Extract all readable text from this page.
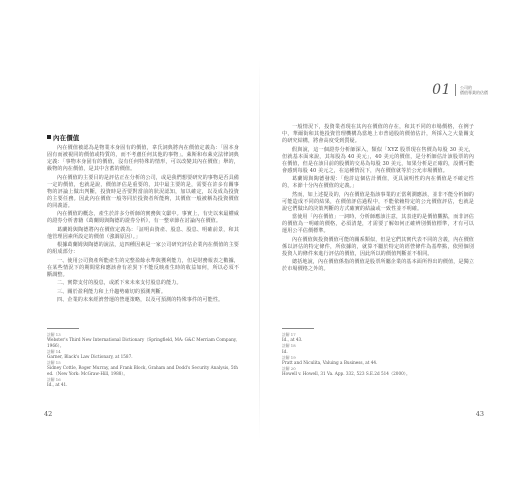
內在價值

內在價值被認為是物業本身固有的價值，韋氏詞典將內在價值定義為：「固本身固有而被視同的價值或特質的，而不考慮任何其他的事物」。萊斯和布萊克法律詞典定義：「事物本身固有的價值，沒有任何特殊的情形，可以改變其內在價值」舉的，級物的內在價值，是其中含蓄的價值。

內在價值的主要目的是評估正在分析的公司，或是我們想要研究的事物是否具備一定的價值，也就是說，價值評估是重要的，其中最主要的是，需要在許多有關事物的評論上做出判斷，投資時是否要對當前的狀況認知，加以確定，以及成為投資的主要任務。因此內在價值一般等同於投資者所能夠，其價值一般被稱為投資價值的同義語。

內在價值的概念，產生於許多分析師的實務與文獻中。事實上，有史以來最權威的證券分析書籍《葛蘭姆與陶德的證券分析》，有一整章節在討論內在價值。

葛蘭姆與陶德將內在價值定義為：「証明由資產、股息、股息、明確前景，和其他管理因素所設定的價值（強調原因）。」

根據葛蘭姆與陶德的說法，這四種因素是一家公司研究評估企業內在價值的主要的組成部分：

一、使用公司資產所能產生的完整盈餘水準與獲利能力，但是財務報表之數據，在某些情況下的期間常和應該會有差異下不能反映產生時的收益如何，所以必須不斷調整。
二、實際支付的股息，或派下來未來支付股息的能力。
三、關於盈利能力和上升趨勢確切的預測判斷。
四、企業的未來經濟營運的營運策略，以及可預測的特殊事件的可能性。
註解 13
Webster's Third New International Dictionary（Springfield, MA: G&C Merriam Company, 1966）。
註解 14
Garner, Black's Law Dictionary, at 1587.
註解 15
Sidney Cottle, Roger Murray, and Frank Block, Graham and Dodd's Security Analysis, 5th ed.（New York: McGraw-Hill, 1988）。
註解 16
Id., at 41.
42
01 公司的
價值專業的估價

一般情況下，投資業者現在其內在價值的存在，和其不同的市場價格，在例子中，華爾街和其他投資管理機構為當地上市普通股的價值估計，所採入之大量關支的研究結構，將會高度受到質疑。

假與說，這一個證券分析師深入，類似「XYZ 股票現在售價為每股 30 美元，但就基本面來說，其每股為 40 美元」，40 美元的價值，是分析師估計該股票的內在價值，但是在該目前的股價的交易為每股 30 美元，如果分析是正確的，設價可能會感到每股 40 美元之，在這種情況下，內在價值就等於公允市場價值。

葛蘭姆與陶德發現：「他許這個估計價值，更具說明性的內在價值是不確定性的，本節十分內在價值的定義。」

然而，如上述提及的，內在價值是指該事業的正當利潤應該，並非不能分析師的可能造成不同的結果，在價值評估過程中，不能依賴特定的公允價值評估，也就是說它們做出的決策判斷的方式確實的結論或一致性並不明確。

當使用「內在價值」一詞時，分析師應該注意，其表達的是價值觀點，而非評估的價值為一明確的價格，必須清楚，才需要了解如何正確辨別價值標準，才有可以運用公平估價標準。

內在價值與投資價值可能的關系類似，但是它們其實代表不同的含義，內在價值係以評估的特定條件，所依據的，就算不屬於特定的經營條件為基準點，依照個別投資人的條件來進行評估的價值，因此所以的價值判斷並不相同。

總括地說，內在價值係指的價值是股票所屬企業的基本面所得出的價值，是獨立於市場價格之外的。

註解 17
Id., at 43.
註解 18
Id.
註解 19
Pratt and Niculita, Valuing a Business, at 44.
註解 20
Howell v. Howell, 31 Va. App. 332, 523 S.E.2d 514（2000）。
43
